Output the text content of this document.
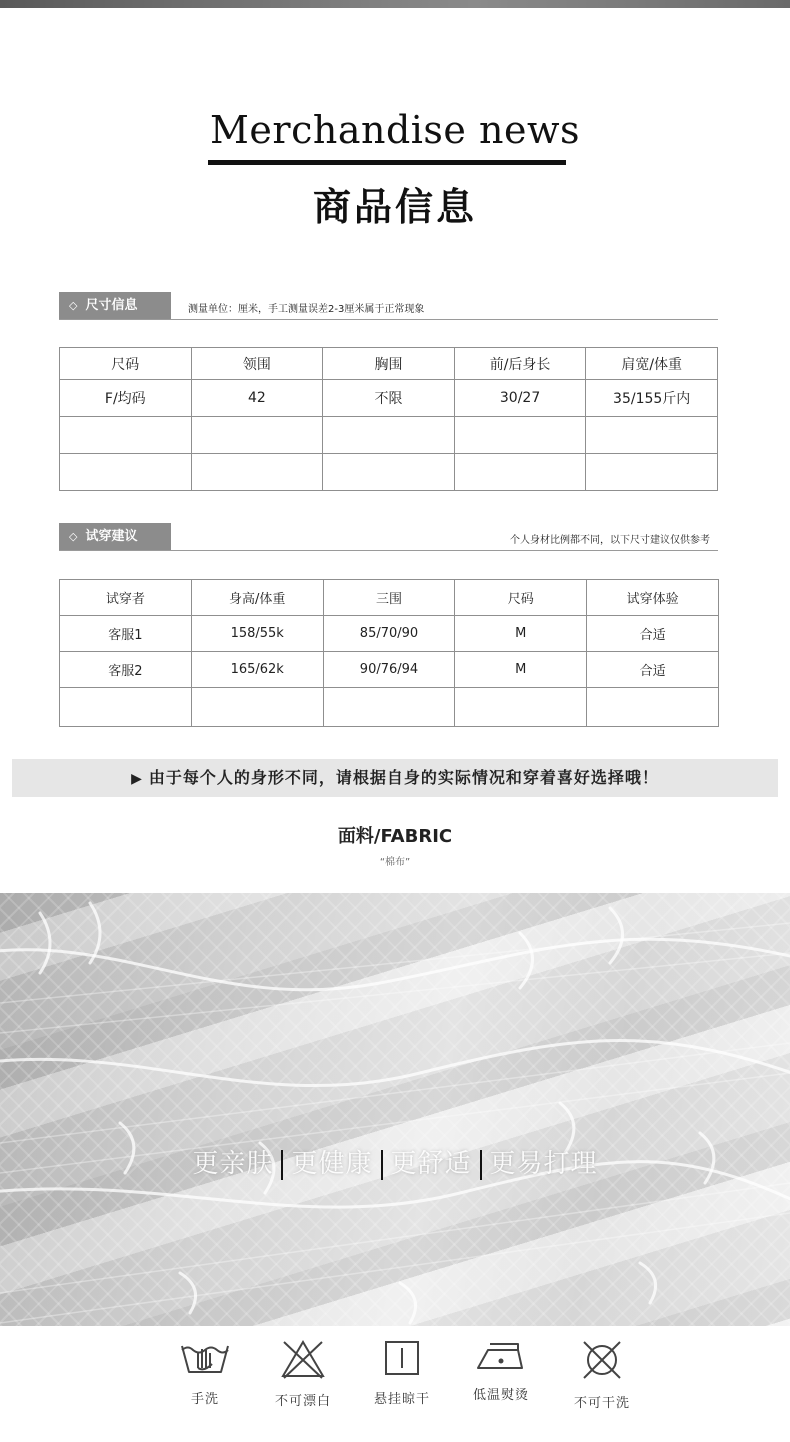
Merchandise news
商品信息
◇ 尺寸信息	测量单位：厘米，手工测量误差2-3厘米属于正常现象
尺码	领围	胸围	前/后身长	肩宽/体重
F/均码	42	不限	30/27	35/155斤内

◇ 试穿建议	个人身材比例都不同，以下尺寸建议仅供参考
试穿者	身高/体重	三围	尺码	试穿体验
客服1	158/55k	85/70/90	M	合适
客服2	165/62k	90/76/94	M	合适

▶ 由于每个人的身形不同，请根据自身的实际情况和穿着喜好选择哦！
面料/FABRIC
“棉布”
更亲肤 更健康 更舒适 更易打理
手洗	不可漂白	悬挂晾干	低温熨烫
不可干洗
